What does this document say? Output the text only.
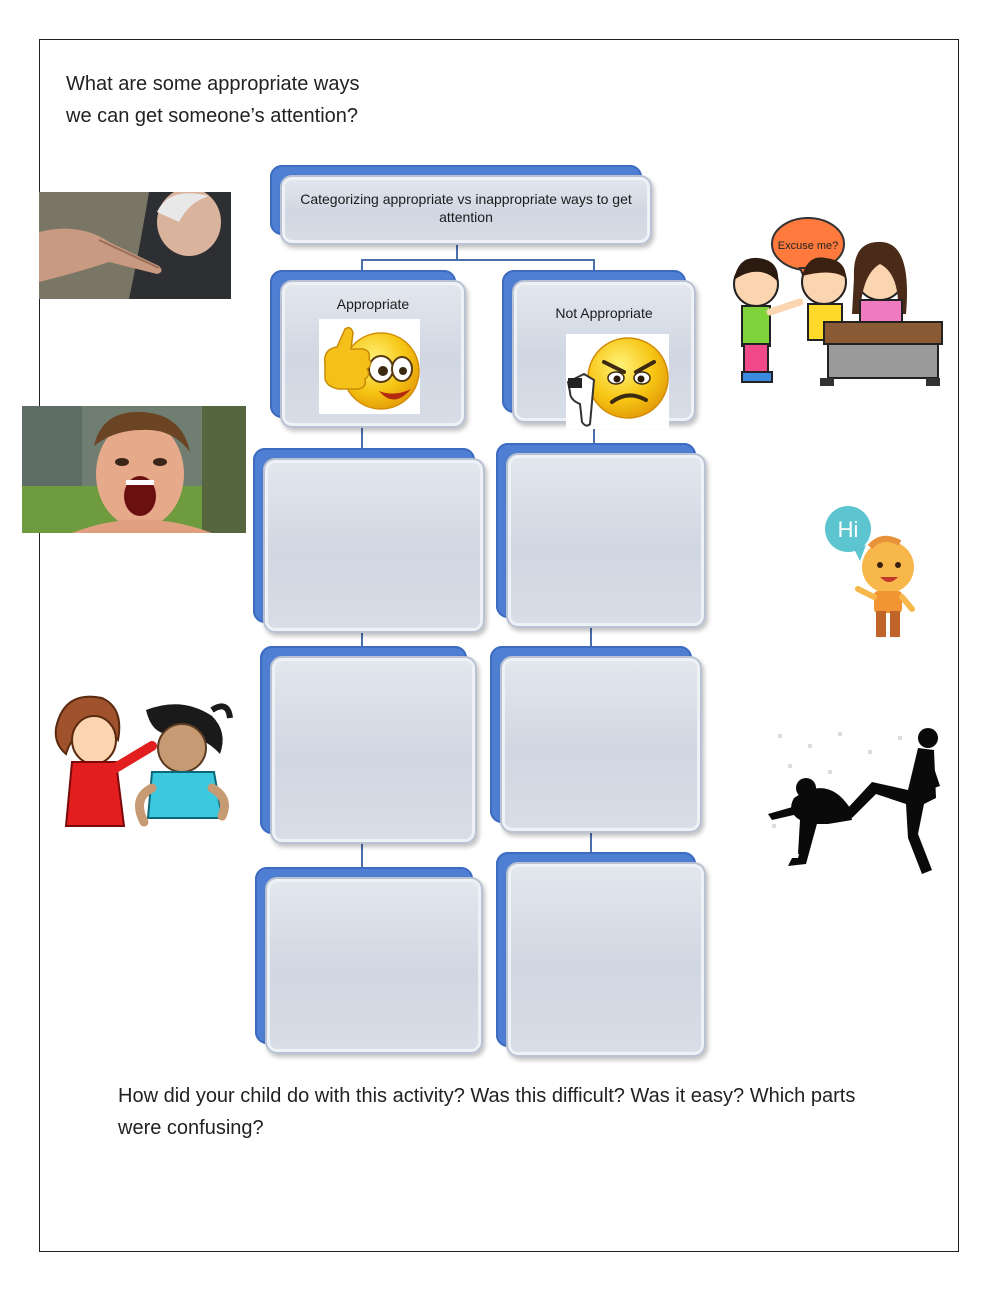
What are some appropriate ways
we can get someone’s attention?
Categorizing appropriate vs inappropriate ways to get attention
Appropriate
Not Appropriate
Excuse me?
Hi
How did your child do with this activity? Was this difficult? Was it easy? Which parts were confusing?
